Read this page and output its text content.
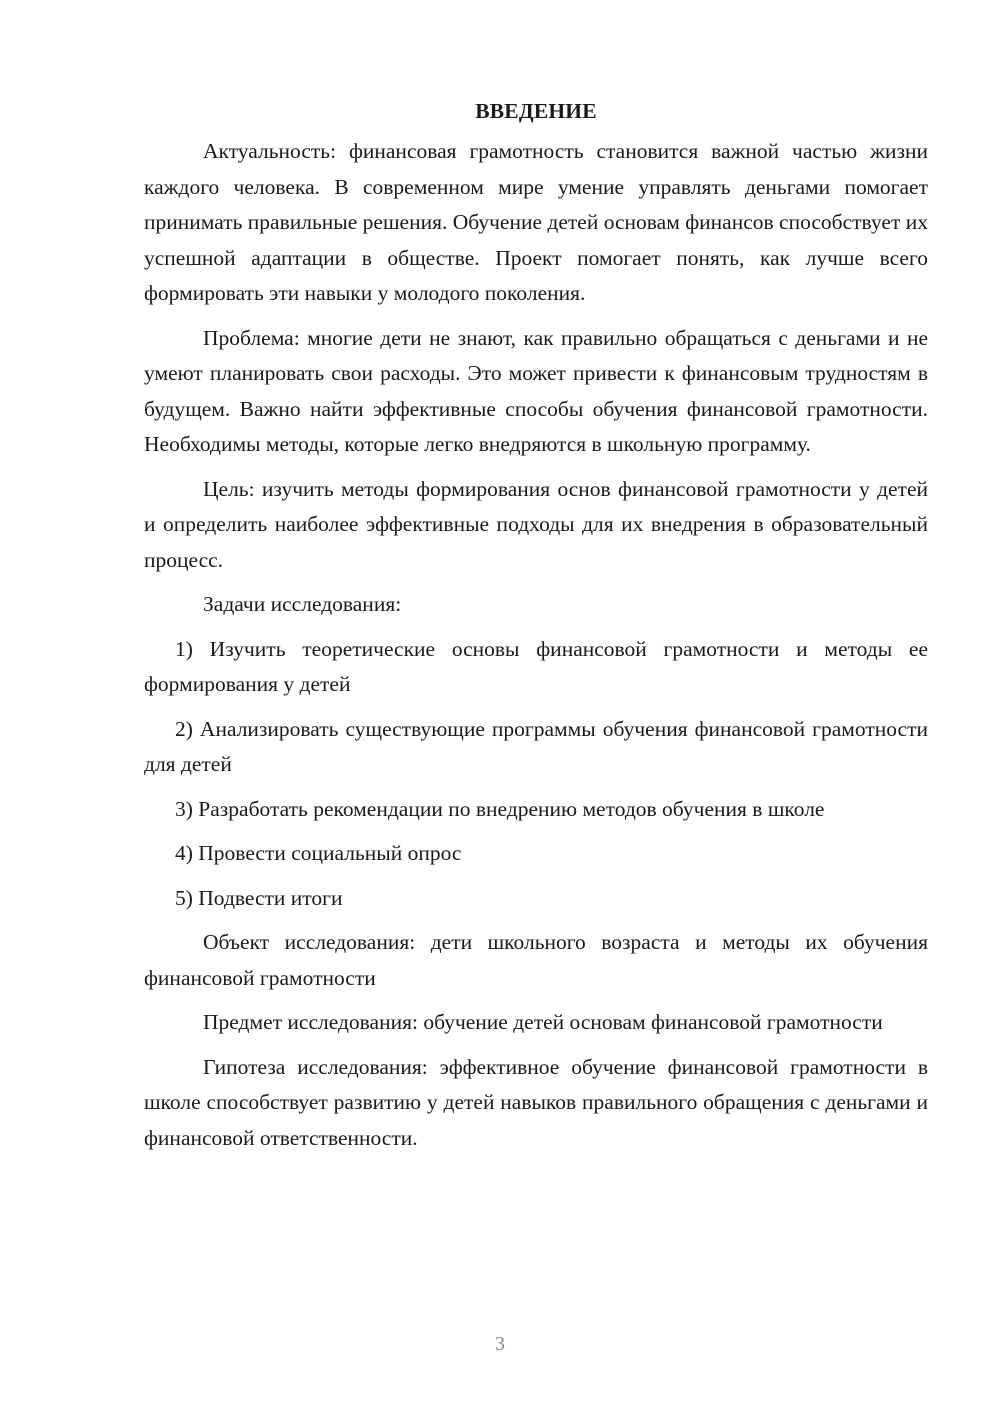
ВВЕДЕНИЕ

Актуальность: финансовая грамотность становится важной частью жизни каждого человека. В современном мире умение управлять деньгами помогает принимать правильные решения. Обучение детей основам финансов способствует их успешной адаптации в обществе. Проект помогает понять, как лучше всего формировать эти навыки у молодого поколения.

Проблема: многие дети не знают, как правильно обращаться с деньгами и не умеют планировать свои расходы. Это может привести к финансовым трудностям в будущем. Важно найти эффективные способы обучения финансовой грамотности. Необходимы методы, которые легко внедряются в школьную программу.

Цель: изучить методы формирования основ финансовой грамотности у детей и определить наиболее эффективные подходы для их внедрения в образовательный процесс.

Задачи исследования:

1) Изучить теоретические основы финансовой грамотности и методы ее формирования у детей

2) Анализировать существующие программы обучения финансовой грамотности для детей

3) Разработать рекомендации по внедрению методов обучения в школе

4) Провести социальный опрос

5) Подвести итоги

Объект исследования: дети школьного возраста и методы их обучения финансовой грамотности

Предмет исследования: обучение детей основам финансовой грамотности

Гипотеза исследования: эффективное обучение финансовой грамотности в школе способствует развитию у детей навыков правильного обращения с деньгами и финансовой ответственности.

3
